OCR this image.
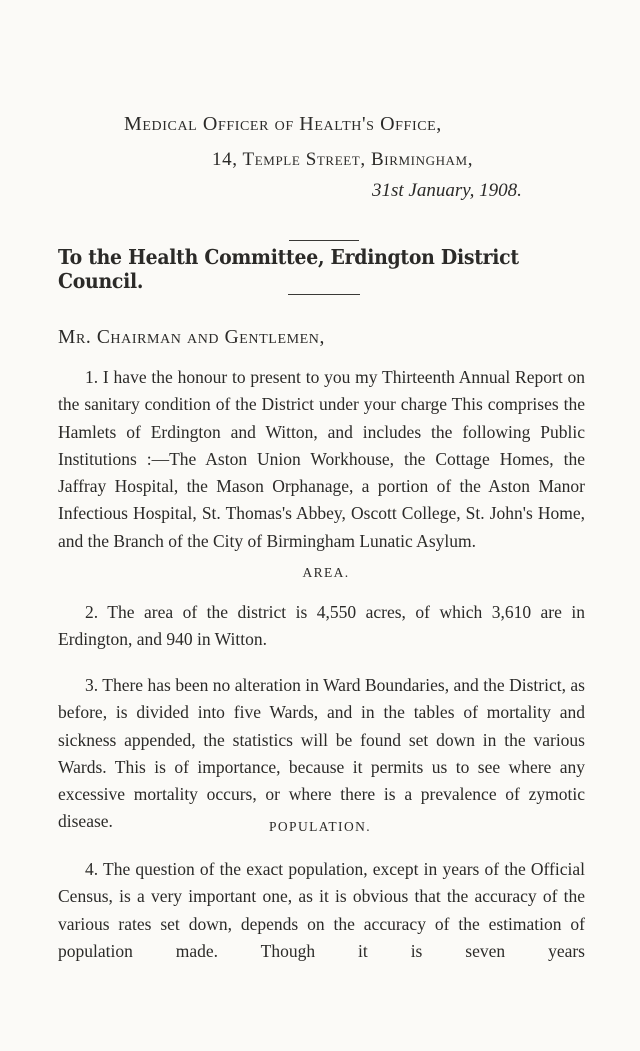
Medical Officer of Health's Office,
14, Temple Street, Birmingham,
31st January, 1908.
To the Health Committee, Erdington District Council.
Mr. Chairman and Gentlemen,
1. I have the honour to present to you my Thirteenth Annual Report on the sanitary condition of the District under your charge This comprises the Hamlets of Erdington and Witton, and includes the following Public Institutions :—The Aston Union Workhouse, the Cottage Homes, the Jaffray Hospital, the Mason Orphanage, a portion of the Aston Manor Infectious Hospital, St. Thomas's Abbey, Oscott College, St. John's Home, and the Branch of the City of Birmingham Lunatic Asylum.
AREA.
2. The area of the district is 4,550 acres, of which 3,610 are in Erdington, and 940 in Witton.
3. There has been no alteration in Ward Boundaries, and the District, as before, is divided into five Wards, and in the tables of mortality and sickness appended, the statistics will be found set down in the various Wards. This is of importance, because it permits us to see where any excessive mortality occurs, or where there is a prevalence of zymotic disease.	POPULATION.
4. The question of the exact population, except in years of the Official Census, is a very important one, as it is obvious that the accuracy of the various rates set down, depends on the accuracy of the estimation of population made. Though it is seven years
